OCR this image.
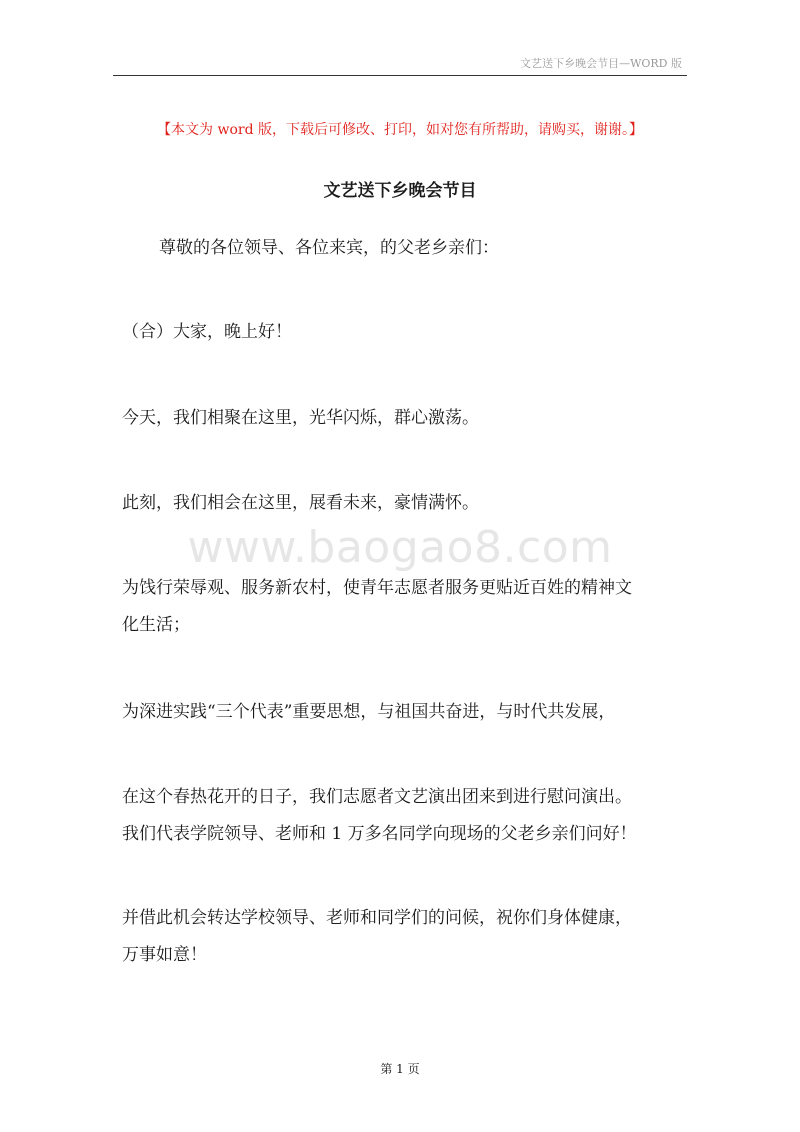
文艺送下乡晚会节目—WORD 版
【本文为 word 版，下载后可修改、打印，如对您有所帮助，请购买，谢谢。】
文艺送下乡晚会节目
尊敬的各位领导、各位来宾，的父老乡亲们：
（合）大家，晚上好！
今天，我们相聚在这里，光华闪烁，群心激荡。
此刻，我们相会在这里，展看未来，豪情满怀。
为饯行荣辱观、服务新农村，使青年志愿者服务更贴近百姓的精神文
化生活；
为深进实践“三个代表”重要思想，与祖国共奋进，与时代共发展，
在这个春热花开的日子，我们志愿者文艺演出团来到进行慰问演出。
我们代表学院领导、老师和 1 万多名同学向现场的父老乡亲们问好！
并借此机会转达学校领导、老师和同学们的问候，祝你们身体健康，
万事如意！
www.baogao8.com
第 1 页
